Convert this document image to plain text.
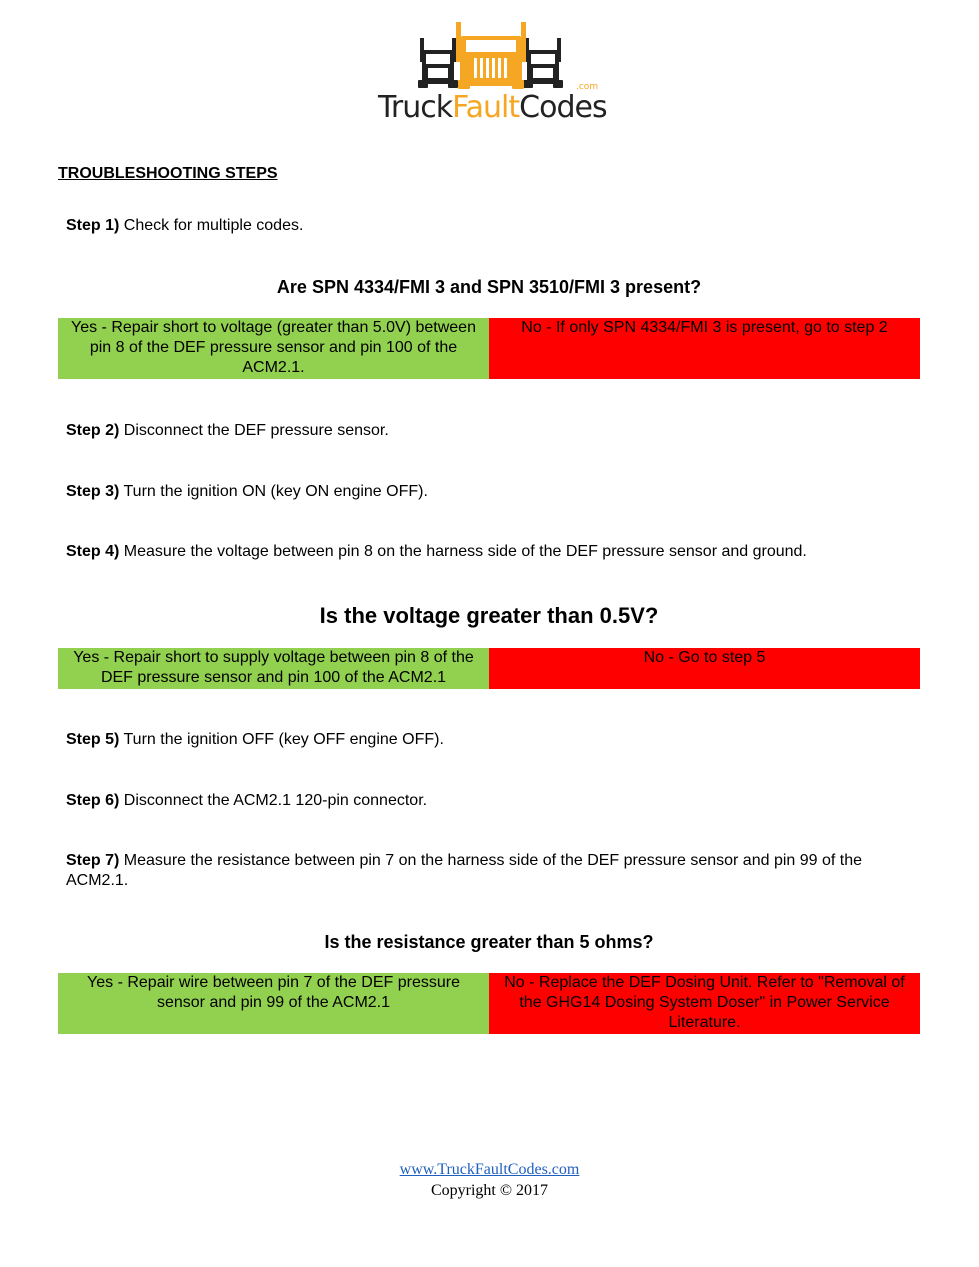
TruckFaultCodes
.com
TROUBLESHOOTING STEPS
Step 1) Check for multiple codes.
Are SPN 4334/FMI 3 and SPN 3510/FMI 3 present?
Yes - Repair short to voltage (greater than 5.0V) between pin 8 of the DEF pressure sensor and pin 100 of the ACM2.1.
No - If only SPN 4334/FMI 3 is present, go to step 2
Step 2) Disconnect the DEF pressure sensor.
Step 3) Turn the ignition ON (key ON engine OFF).
Step 4) Measure the voltage between pin 8 on the harness side of the DEF pressure sensor and ground.
Is the voltage greater than 0.5V?
Yes - Repair short to supply voltage between pin 8 of the DEF pressure sensor and pin 100 of the ACM2.1
No - Go to step 5
Step 5) Turn the ignition OFF (key OFF engine OFF).
Step 6) Disconnect the ACM2.1 120-pin connector.
Step 7) Measure the resistance between pin 7 on the harness side of the DEF pressure sensor and pin 99 of the ACM2.1.
Is the resistance greater than 5 ohms?
Yes - Repair wire between pin 7 of the DEF pressure sensor and pin 99 of the ACM2.1
No - Replace the DEF Dosing Unit. Refer to "Removal of the GHG14 Dosing System Doser" in Power Service Literature.
www.TruckFaultCodes.com
Copyright © 2017
